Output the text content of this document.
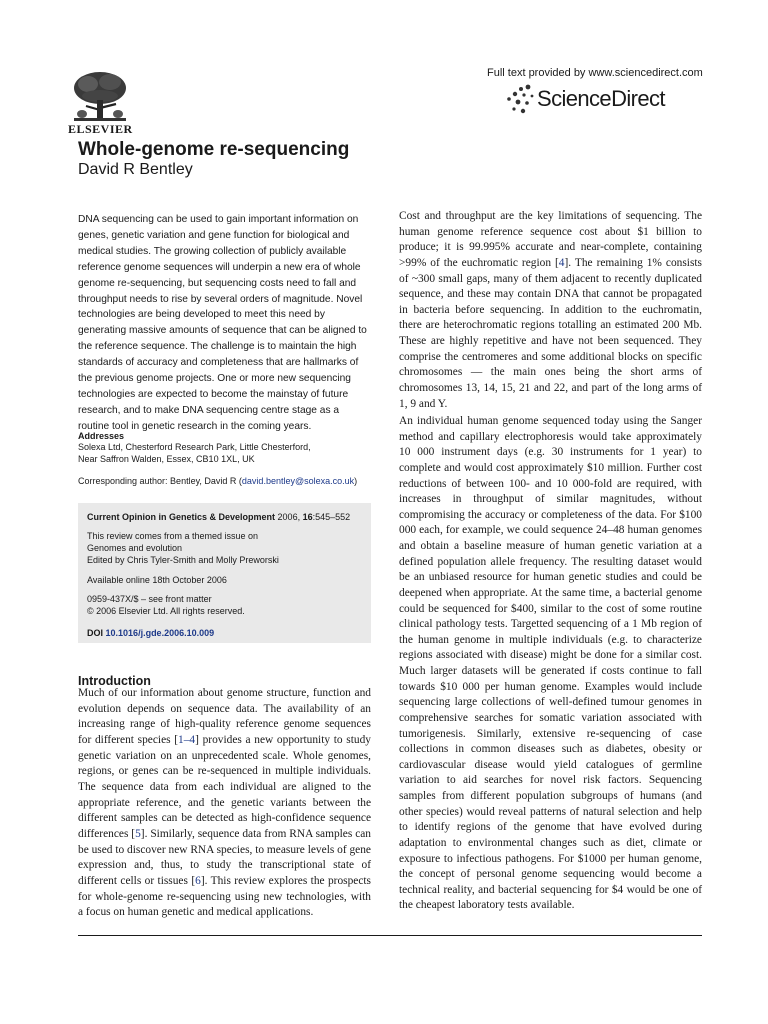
ELSEVIER
Full text provided by www.sciencedirect.com
ScienceDirect
Whole-genome re-sequencing
David R Bentley

DNA sequencing can be used to gain important information on genes, genetic variation and gene function for biological and medical studies. The growing collection of publicly available reference genome sequences will underpin a new era of whole genome re-sequencing, but sequencing costs need to fall and throughput needs to rise by several orders of magnitude. Novel technologies are being developed to meet this need by generating massive amounts of sequence that can be aligned to the reference sequence. The challenge is to maintain the high standards of accuracy and completeness that are hallmarks of the previous genome projects. One or more new sequencing technologies are expected to become the mainstay of future research, and to make DNA sequencing centre stage as a routine tool in genetic research in the coming years.

Addresses
Solexa Ltd, Chesterford Research Park, Little Chesterford,
Near Saffron Walden, Essex, CB10 1XL, UK
Corresponding author: Bentley, David R (david.bentley@solexa.co.uk)
Current Opinion in Genetics & Development 2006, 16:545–552
This review comes from a themed issue on
Genomes and evolution
Edited by Chris Tyler-Smith and Molly Preworski
Available online 18th October 2006
0959-437X/$ – see front matter
© 2006 Elsevier Ltd. All rights reserved.
DOI 10.1016/j.gde.2006.10.009
Introduction

Much of our information about genome structure, function and evolution depends on sequence data. The availability of an increasing range of high-quality reference genome sequences for different species [1–4] provides a new opportunity to study genetic variation on an unprecedented scale. Whole genomes, regions, or genes can be re-sequenced in multiple individuals. The sequence data from each individual are aligned to the appropriate reference, and the genetic variants between the different samples can be detected as high-confidence sequence differences [5]. Similarly, sequence data from RNA samples can be used to discover new RNA species, to measure levels of gene expression and, thus, to study the transcriptional state of different cells or tissues [6]. This review explores the prospects for whole-genome re-sequencing using new technologies, with a focus on human genetic and medical applications.

Cost and throughput are the key limitations of sequencing. The human genome reference sequence cost about $1 billion to produce; it is 99.995% accurate and near-complete, containing >99% of the euchromatic region [4]. The remaining 1% consists of ~300 small gaps, many of them adjacent to recently duplicated sequence, and these may contain DNA that cannot be propagated in bacteria before sequencing. In addition to the euchromatin, there are heterochromatic regions totalling an estimated 200 Mb. These are highly repetitive and have not been sequenced. They comprise the centromeres and some additional blocks on specific chromosomes — the main ones being the short arms of chromosomes 13, 14, 15, 21 and 22, and part of the long arms of 1, 9 and Y.

An individual human genome sequenced today using the Sanger method and capillary electrophoresis would take approximately 10 000 instrument days (e.g. 30 instruments for 1 year) to complete and would cost approximately $10 million. Further cost reductions of between 100- and 10 000-fold are required, with increases in throughput of similar magnitudes, without compromising the accuracy or completeness of the data. For $100 000 each, for example, we could sequence 24–48 human genomes and obtain a baseline measure of human genetic variation at a defined population allele frequency. The resulting dataset would be an unbiased resource for human genetic studies and could be deepened when appropriate. At the same time, a bacterial genome could be sequenced for $400, similar to the cost of some routine clinical pathology tests. Targetted sequencing of a 1 Mb region of the human genome in multiple individuals (e.g. to characterize regions associated with disease) might be done for a similar cost. Much larger datasets will be generated if costs continue to fall towards $10 000 per human genome. Examples would include sequencing large collections of well-defined tumour genomes in comprehensive searches for somatic variation associated with tumorigenesis. Similarly, extensive re-sequencing of case collections in common diseases such as diabetes, obesity or cardiovascular disease would yield catalogues of germline variation to aid searches for novel risk factors. Sequencing samples from different population subgroups of humans (and other species) would reveal patterns of natural selection and help to identify regions of the genome that have evolved during adaptation to environmental changes such as diet, climate or exposure to infectious pathogens. For $1000 per human genome, the concept of personal genome sequencing would become a technical reality, and bacterial sequencing for $4 would be one of the cheapest laboratory tests available.
